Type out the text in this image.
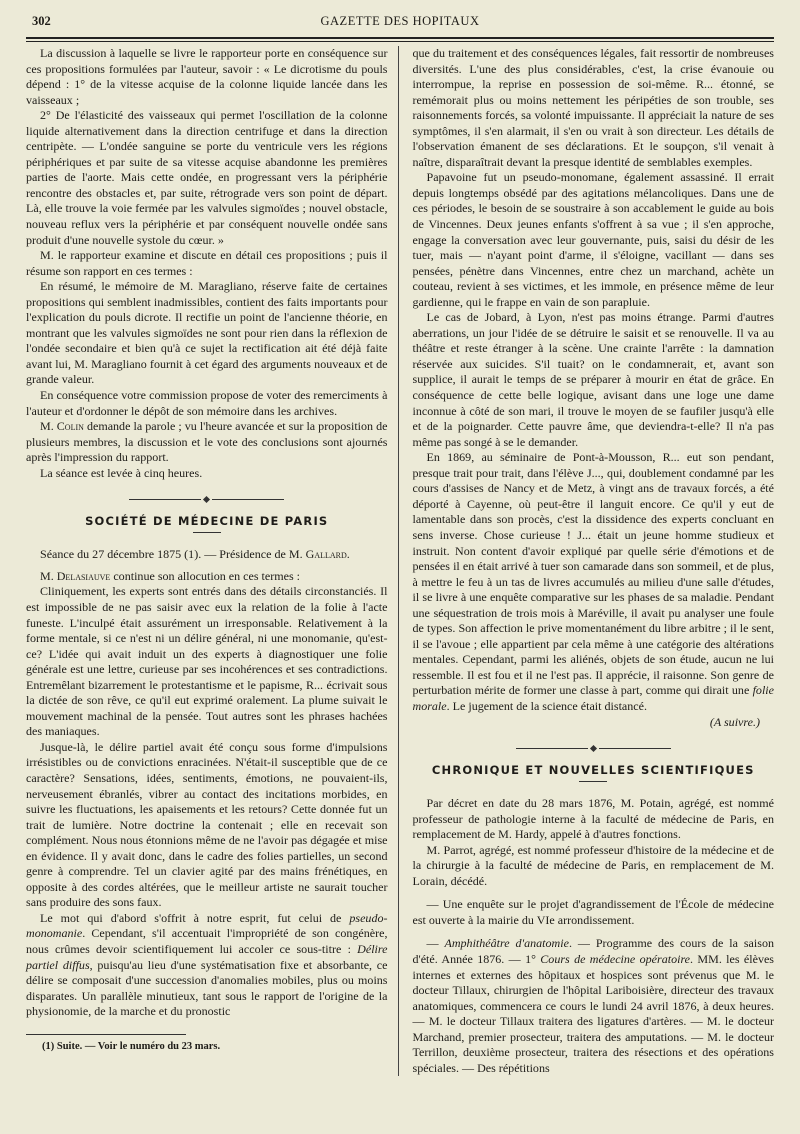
302	GAZETTE DES HOPITAUX

La discussion à laquelle se livre le rapporteur porte en conséquence sur ces propositions formulées par l'auteur, savoir : « Le dicrotisme du pouls dépend : 1° de la vitesse acquise de la colonne liquide lancée dans les vaisseaux ;

2° De l'élasticité des vaisseaux qui permet l'oscillation de la colonne liquide alternativement dans la direction centrifuge et dans la direction centripète. — L'ondée sanguine se porte du ventricule vers les régions périphériques et par suite de sa vitesse acquise abandonne les premières parties de l'aorte. Mais cette ondée, en progressant vers la périphérie rencontre des obstacles et, par suite, rétrograde vers son point de départ. Là, elle trouve la voie fermée par les valvules sigmoïdes ; nouvel obstacle, nouveau reflux vers la périphérie et par conséquent nouvelle ondée sans produit d'une nouvelle systole du cœur. »

M. le rapporteur examine et discute en détail ces propositions ; puis il résume son rapport en ces termes :

En résumé, le mémoire de M. Maragliano, réserve faite de certaines propositions qui semblent inadmissibles, contient des faits importants pour l'explication du pouls dicrote. Il rectifie un point de l'ancienne théorie, en montrant que les valvules sigmoïdes ne sont pour rien dans la réflexion de l'ondée secondaire et bien qu'à ce sujet la rectification ait été déjà faite avant lui, M. Maragliano fournit à cet égard des arguments nouveaux et de grande valeur.

En conséquence votre commission propose de voter des remerciments à l'auteur et d'ordonner le dépôt de son mémoire dans les archives.

M. Colin demande la parole ; vu l'heure avancée et sur la proposition de plusieurs membres, la discussion et le vote des conclusions sont ajournés après l'impression du rapport.

La séance est levée à cinq heures.

SOCIÉTÉ DE MÉDECINE DE PARIS

Séance du 27 décembre 1875 (1). — Présidence de M. Gallard.

M. Delasiauve continue son allocution en ces termes :

Cliniquement, les experts sont entrés dans des détails circonstanciés. Il est impossible de ne pas saisir avec eux la relation de la folie à l'acte funeste. L'inculpé était assurément un irresponsable. Relativement à la forme mentale, si ce n'est ni un délire général, ni une monomanie, qu'est-ce? L'idée qui avait induit un des experts à diagnostiquer une folie générale est une lettre, curieuse par ses incohérences et ses contradictions. Entremêlant bizarrement le protestantisme et le papisme, R... écrivait sous la dictée de son rêve, ce qu'il eut exprimé oralement. La plume suivait le mouvement machinal de la pensée. Tout autres sont les phrases hachées des maniaques.

Jusque-là, le délire partiel avait été conçu sous forme d'impulsions irrésistibles ou de convictions enracinées. N'était-il susceptible que de ce caractère? Sensations, idées, sentiments, émotions, ne pouvaient-ils, nerveusement ébranlés, vibrer au contact des incitations morbides, en suivre les fluctuations, les apaisements et les retours? Cette donnée fut un trait de lumière. Notre doctrine la contenait ; elle en recevait son complément. Nous nous étonnions même de ne l'avoir pas dégagée et mise en évidence. Il y avait donc, dans le cadre des folies partielles, un second genre à comprendre. Tel un clavier agité par des mains frénétiques, en opposite à des cordes altérées, que le meilleur artiste ne saurait toucher sans produire des sons faux.

Le mot qui d'abord s'offrit à notre esprit, fut celui de pseudo-monomanie. Cependant, s'il accentuait l'impropriété de son congénère, nous crûmes devoir scientifiquement lui accoler ce sous-titre : Délire partiel diffus, puisqu'au lieu d'une systématisation fixe et absorbante, ce délire se composait d'une succession d'anomalies mobiles, plus ou moins disparates. Un parallèle minutieux, tant sous le rapport de l'origine de la physionomie, de la marche et du pronostic

(1) Suite. — Voir le numéro du 23 mars.

que du traitement et des conséquences légales, fait ressortir de nombreuses diversités. L'une des plus considérables, c'est, la crise évanouie ou interrompue, la reprise en possession de soi-même. R... étonné, se remémorait plus ou moins nettement les péripéties de son trouble, ses raisonnements forcés, sa volonté impuissante. Il appréciait la nature de ses symptômes, il s'en alarmait, il s'en ou vrait à son directeur. Les détails de l'observation émanent de ses déclarations. Et le soupçon, s'il venait à naître, disparaîtrait devant la presque identité de semblables exemples.

Papavoine fut un pseudo-monomane, également assassiné. Il errait depuis longtemps obsédé par des agitations mélancoliques. Dans une de ces périodes, le besoin de se soustraire à son accablement le guide au bois de Vincennes. Deux jeunes enfants s'offrent à sa vue ; il s'en approche, engage la conversation avec leur gouvernante, puis, saisi du désir de les tuer, mais — n'ayant point d'arme, il s'éloigne, vacillant — dans ses pensées, pénètre dans Vincennes, entre chez un marchand, achète un couteau, revient à ses victimes, et les immole, en présence même de leur gardienne, qui le frappe en vain de son parapluie.

Le cas de Jobard, à Lyon, n'est pas moins étrange. Parmi d'autres aberrations, un jour l'idée de se détruire le saisit et se renouvelle. Il va au théâtre et reste étranger à la scène. Une crainte l'arrête : la damnation réservée aux suicides. S'il tuait? on le condamnerait, et, avant son supplice, il aurait le temps de se préparer à mourir en état de grâce. En conséquence de cette belle logique, avisant dans une loge une dame inconnue à côté de son mari, il trouve le moyen de se faufiler jusqu'à elle et de la poignarder. Cette pauvre âme, que deviendra-t-elle? Il n'a pas même pas songé à se le demander.

En 1869, au séminaire de Pont-à-Mousson, R... eut son pendant, presque trait pour trait, dans l'élève J..., qui, doublement condamné par les cours d'assises de Nancy et de Metz, à vingt ans de travaux forcés, a été déporté à Cayenne, où peut-être il languit encore. Ce qu'il y eut de lamentable dans son procès, c'est la dissidence des experts concluant en sens inverse. Chose curieuse ! J... était un jeune homme studieux et instruit. Non content d'avoir expliqué par quelle série d'émotions et de pensées il en était arrivé à tuer son camarade dans son sommeil, et de plus, à mettre le feu à un tas de livres accumulés au milieu d'une salle d'études, il se livre à une enquête comparative sur les phases de sa maladie. Pendant une séquestration de trois mois à Maréville, il avait pu analyser une foule de types. Son affection le prive momentanément du libre arbitre ; il le sent, il se l'avoue ; elle appartient par cela même à une catégorie des altérations mentales. Cependant, parmi les aliénés, objets de son étude, aucun ne lui ressemble. Il est fou et il ne l'est pas. Il apprécie, il raisonne. Son genre de perturbation mérite de former une classe à part, comme qui dirait une folie morale. Le jugement de la science était distancé.

(A suivre.)

CHRONIQUE ET NOUVELLES SCIENTIFIQUES

Par décret en date du 28 mars 1876, M. Potain, agrégé, est nommé professeur de pathologie interne à la faculté de médecine de Paris, en remplacement de M. Hardy, appelé à d'autres fonctions.

M. Parrot, agrégé, est nommé professeur d'histoire de la médecine et de la chirurgie à la faculté de médecine de Paris, en remplacement de M. Lorain, décédé.

— Une enquête sur le projet d'agrandissement de l'École de médecine est ouverte à la mairie du VIe arrondissement.

— Amphithéâtre d'anatomie. — Programme des cours de la saison d'été. Année 1876. — 1° Cours de médecine opératoire. MM. les élèves internes et externes des hôpitaux et hospices sont prévenus que M. le docteur Tillaux, chirurgien de l'hôpital Lariboisière, directeur des travaux anatomiques, commencera ce cours le lundi 24 avril 1876, à deux heures. — M. le docteur Tillaux traitera des ligatures d'artères. — M. le docteur Marchand, premier prosecteur, traitera des amputations. — M. le docteur Terrillon, deuxième prosecteur, traitera des résections et des opérations spéciales. — Des répétitions
